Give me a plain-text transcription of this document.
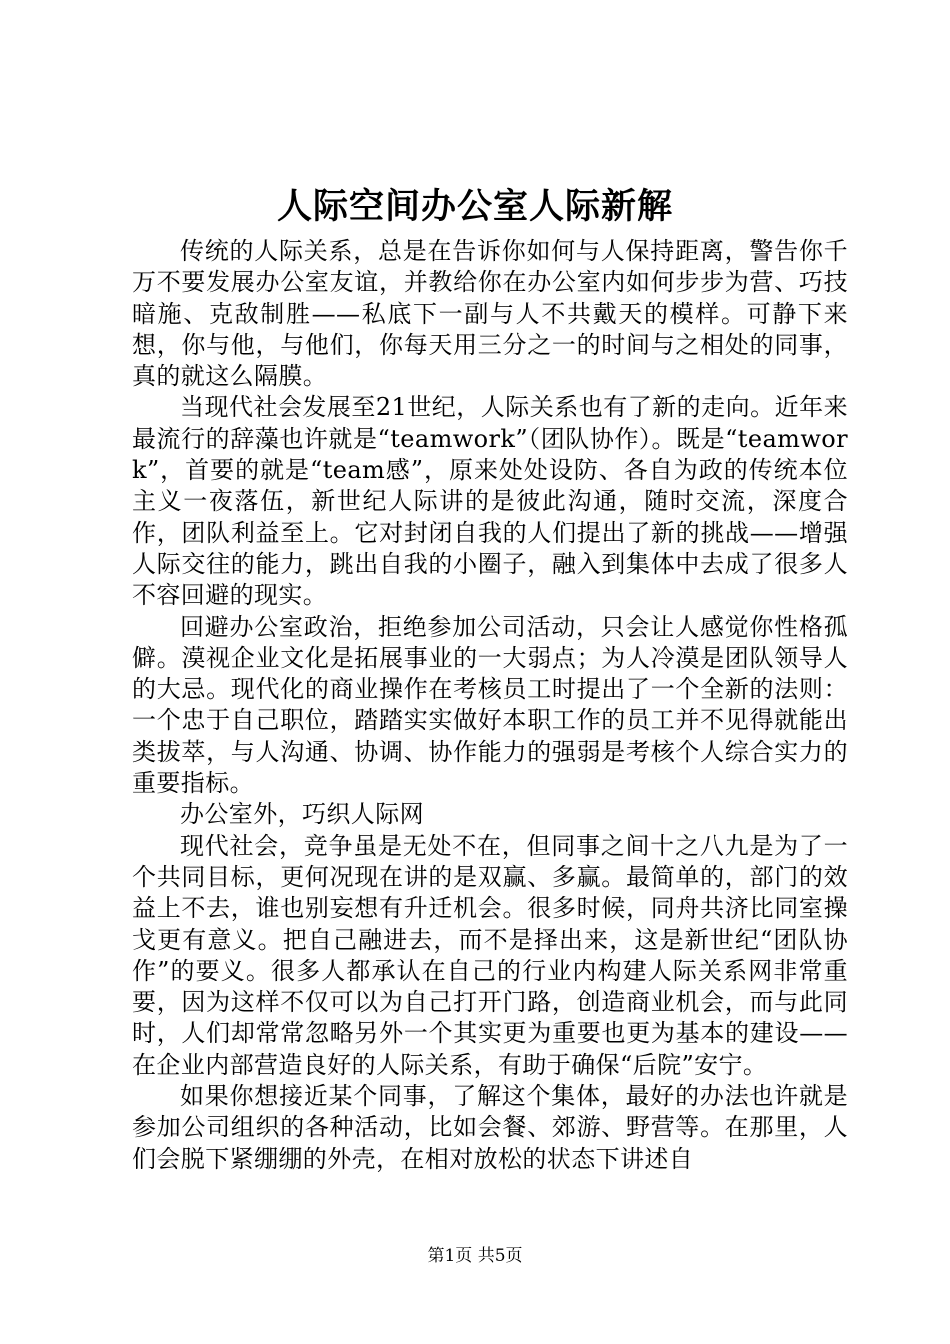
人际空间办公室人际新解

传统的人际关系，总是在告诉你如何与人保持距离，警告你千万不要发展办公室友谊，并教给你在办公室内如何步步为营、巧技暗施、克敌制胜——私底下一副与人不共戴天的模样。可静下来想，你与他，与他们，你每天用三分之一的时间与之相处的同事，真的就这么隔膜。

当现代社会发展至21世纪，人际关系也有了新的走向。近年来最流行的辞藻也许就是“teamwork”（团队协作）。既是“teamwork”，首要的就是“team感”，原来处处设防、各自为政的传统本位主义一夜落伍，新世纪人际讲的是彼此沟通，随时交流，深度合作，团队利益至上。它对封闭自我的人们提出了新的挑战——增强人际交往的能力，跳出自我的小圈子，融入到集体中去成了很多人不容回避的现实。

回避办公室政治，拒绝参加公司活动，只会让人感觉你性格孤僻。漠视企业文化是拓展事业的一大弱点；为人冷漠是团队领导人的大忌。现代化的商业操作在考核员工时提出了一个全新的法则：一个忠于自己职位，踏踏实实做好本职工作的员工并不见得就能出类拔萃，与人沟通、协调、协作能力的强弱是考核个人综合实力的重要指标。

办公室外，巧织人际网

现代社会，竞争虽是无处不在，但同事之间十之八九是为了一个共同目标，更何况现在讲的是双赢、多赢。最简单的，部门的效益上不去，谁也别妄想有升迁机会。很多时候，同舟共济比同室操戈更有意义。把自己融进去，而不是择出来，这是新世纪“团队协作”的要义。很多人都承认在自己的行业内构建人际关系网非常重要，因为这样不仅可以为自己打开门路，创造商业机会，而与此同时，人们却常常忽略另外一个其实更为重要也更为基本的建设——在企业内部营造良好的人际关系，有助于确保“后院”安宁。

如果你想接近某个同事，了解这个集体，最好的办法也许就是参加公司组织的各种活动，比如会餐、郊游、野营等。在那里，人们会脱下紧绷绷的外壳，在相对放松的状态下讲述自

第1页 共5页
